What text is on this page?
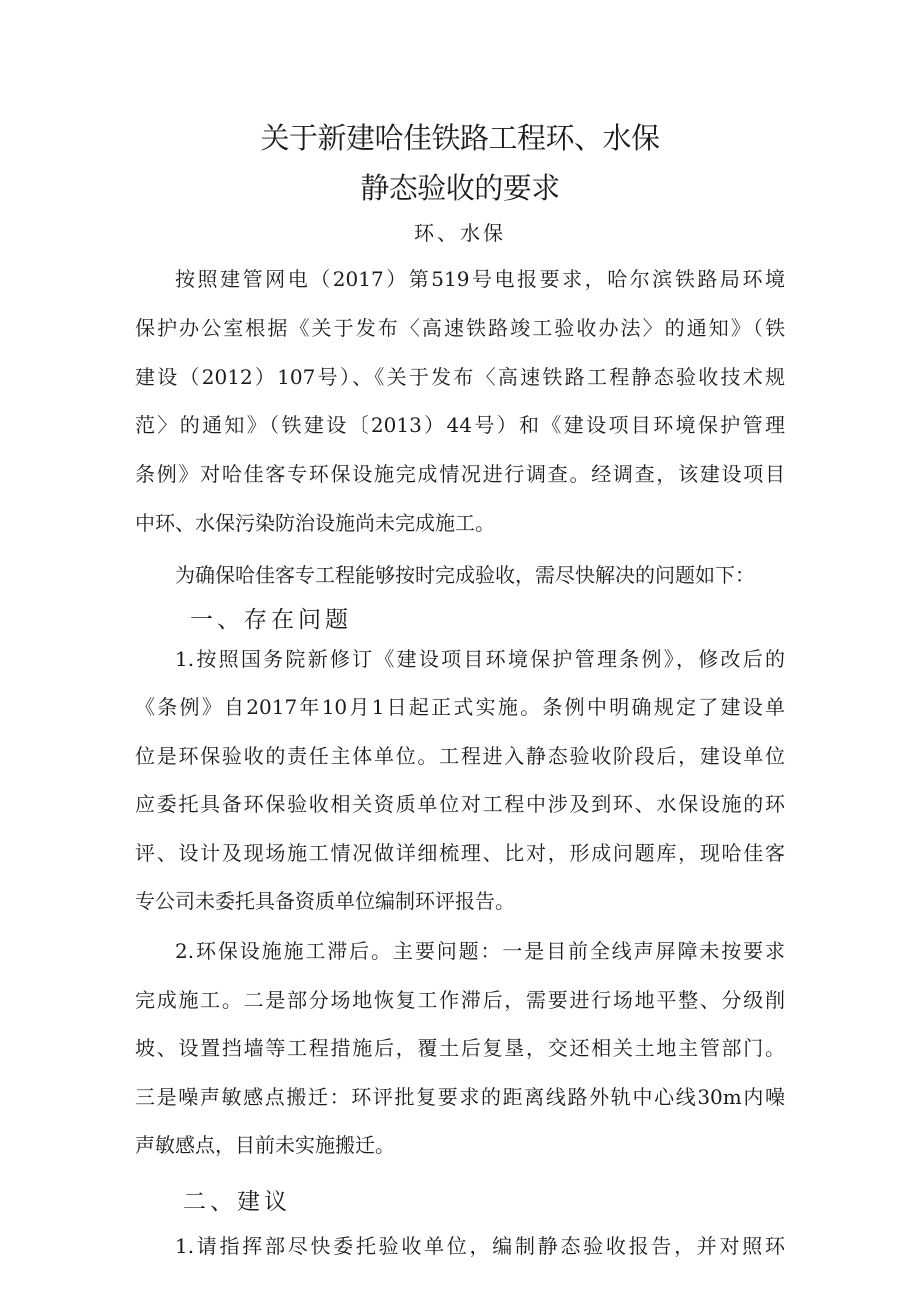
关于新建哈佳铁路工程环、水保
静态验收的要求
环、水保
按照建管网电（2017）第519号电报要求，哈尔滨铁路局环境
保护办公室根据《关于发布〈高速铁路竣工验收办法〉的通知》（铁
建设（2012）107号）、《关于发布〈高速铁路工程静态验收技术规
范〉的通知》（铁建设〔2013）44号）和《建设项目环境保护管理
条例》对哈佳客专环保设施完成情况进行调查。经调查，该建设项目
中环、水保污染防治设施尚未完成施工。
为确保哈佳客专工程能够按时完成验收，需尽快解决的问题如下：
一、存在问题
1.按照国务院新修订《建设项目环境保护管理条例》，修改后的
《条例》自2017年10月1日起正式实施。条例中明确规定了建设单
位是环保验收的责任主体单位。工程进入静态验收阶段后，建设单位
应委托具备环保验收相关资质单位对工程中涉及到环、水保设施的环
评、设计及现场施工情况做详细梳理、比对，形成问题库，现哈佳客
专公司未委托具备资质单位编制环评报告。
2.环保设施施工滞后。主要问题：一是目前全线声屏障未按要求
完成施工。二是部分场地恢复工作滞后，需要进行场地平整、分级削
坡、设置挡墙等工程措施后，覆土后复垦，交还相关土地主管部门。
三是噪声敏感点搬迁：环评批复要求的距离线路外轨中心线30m内噪
声敏感点，目前未实施搬迁。
二、建议
1.请指挥部尽快委托验收单位，编制静态验收报告，并对照环
